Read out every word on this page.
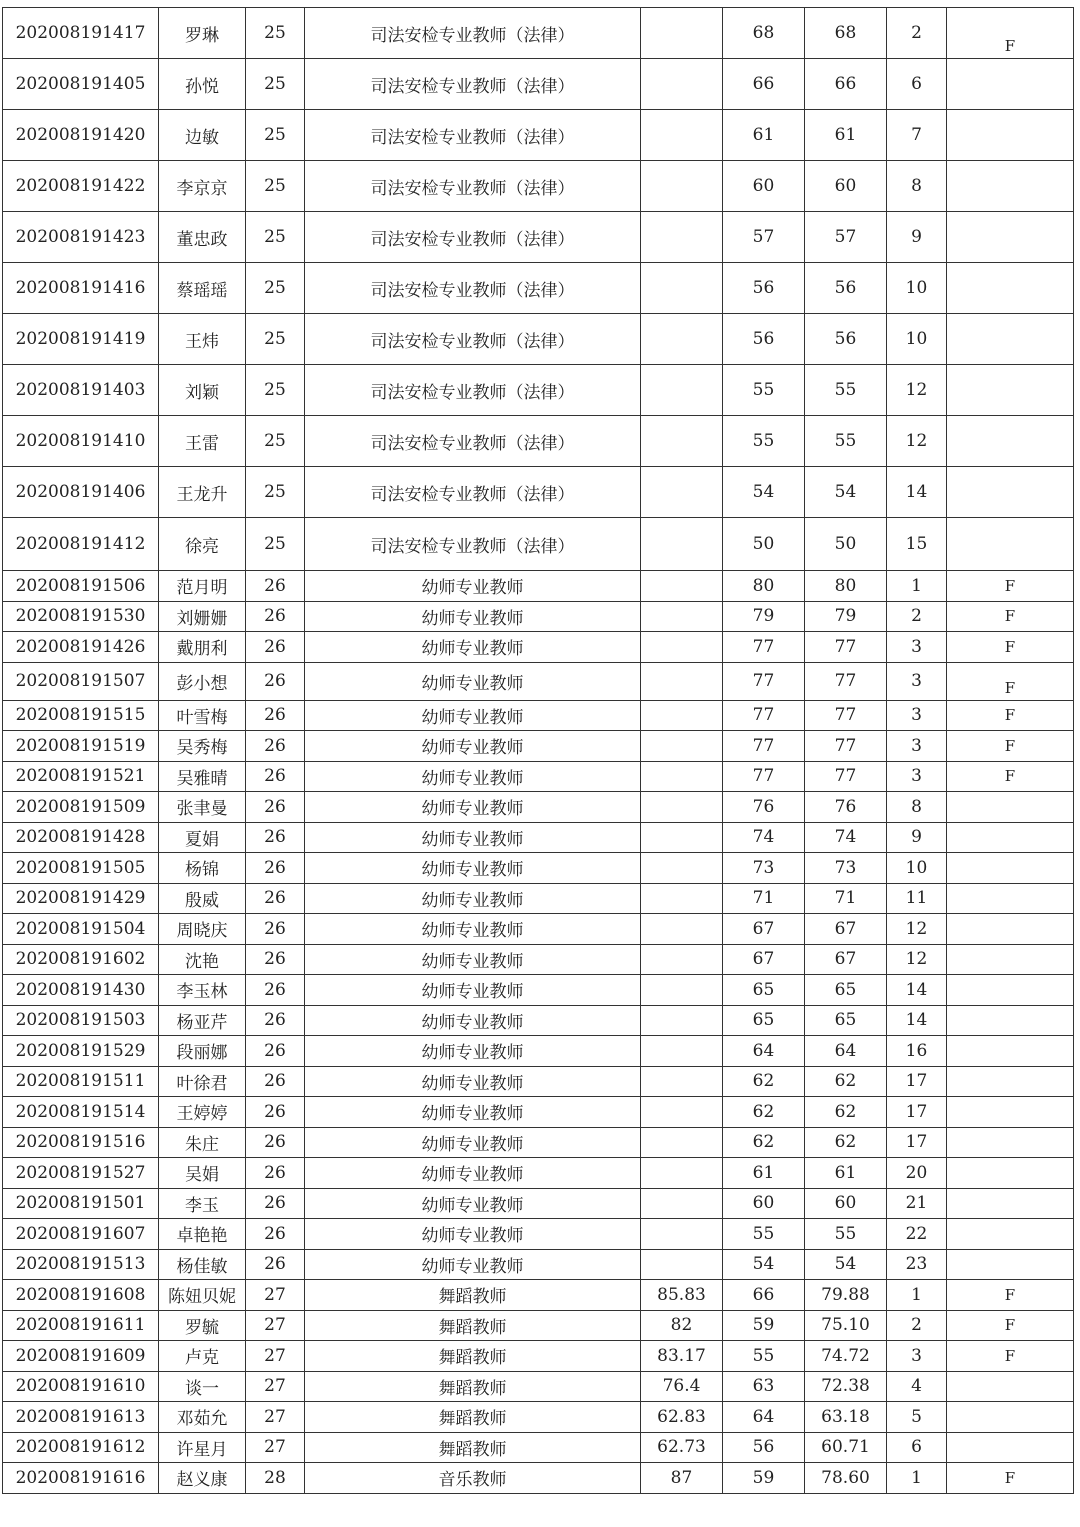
202008191417	罗琳	25	司法安检专业教师（法律）		68	68	2	F
202008191405	孙悦	25	司法安检专业教师（法律）		66	66	6	
202008191420	边敏	25	司法安检专业教师（法律）		61	61	7	
202008191422	李京京	25	司法安检专业教师（法律）		60	60	8	
202008191423	董忠政	25	司法安检专业教师（法律）		57	57	9	
202008191416	蔡瑶瑶	25	司法安检专业教师（法律）		56	56	10	
202008191419	王炜	25	司法安检专业教师（法律）		56	56	10	
202008191403	刘颖	25	司法安检专业教师（法律）		55	55	12	
202008191410	王雷	25	司法安检专业教师（法律）		55	55	12	
202008191406	王龙升	25	司法安检专业教师（法律）		54	54	14	
202008191412	徐亮	25	司法安检专业教师（法律）		50	50	15	
202008191506	范月明	26	幼师专业教师		80	80	1	F
202008191530	刘姗姗	26	幼师专业教师		79	79	2	F
202008191426	戴朋利	26	幼师专业教师		77	77	3	F
202008191507	彭小想	26	幼师专业教师		77	77	3	F
202008191515	叶雪梅	26	幼师专业教师		77	77	3	F
202008191519	吴秀梅	26	幼师专业教师		77	77	3	F
202008191521	吴雅晴	26	幼师专业教师		77	77	3	F
202008191509	张聿曼	26	幼师专业教师		76	76	8	
202008191428	夏娟	26	幼师专业教师		74	74	9	
202008191505	杨锦	26	幼师专业教师		73	73	10	
202008191429	殷威	26	幼师专业教师		71	71	11	
202008191504	周晓庆	26	幼师专业教师		67	67	12	
202008191602	沈艳	26	幼师专业教师		67	67	12	
202008191430	李玉林	26	幼师专业教师		65	65	14	
202008191503	杨亚芹	26	幼师专业教师		65	65	14	
202008191529	段丽娜	26	幼师专业教师		64	64	16	
202008191511	叶徐君	26	幼师专业教师		62	62	17	
202008191514	王婷婷	26	幼师专业教师		62	62	17	
202008191516	朱庄	26	幼师专业教师		62	62	17	
202008191527	吴娟	26	幼师专业教师		61	61	20	
202008191501	李玉	26	幼师专业教师		60	60	21	
202008191607	卓艳艳	26	幼师专业教师		55	55	22	
202008191513	杨佳敏	26	幼师专业教师		54	54	23	
202008191608	陈妞贝妮	27	舞蹈教师	85.83	66	79.88	1	F
202008191611	罗毓	27	舞蹈教师	82	59	75.10	2	F
202008191609	卢克	27	舞蹈教师	83.17	55	74.72	3	F
202008191610	谈一	27	舞蹈教师	76.4	63	72.38	4	
202008191613	邓茹允	27	舞蹈教师	62.83	64	63.18	5	
202008191612	许星月	27	舞蹈教师	62.73	56	60.71	6	
202008191616	赵义康	28	音乐教师	87	59	78.60	1	F
